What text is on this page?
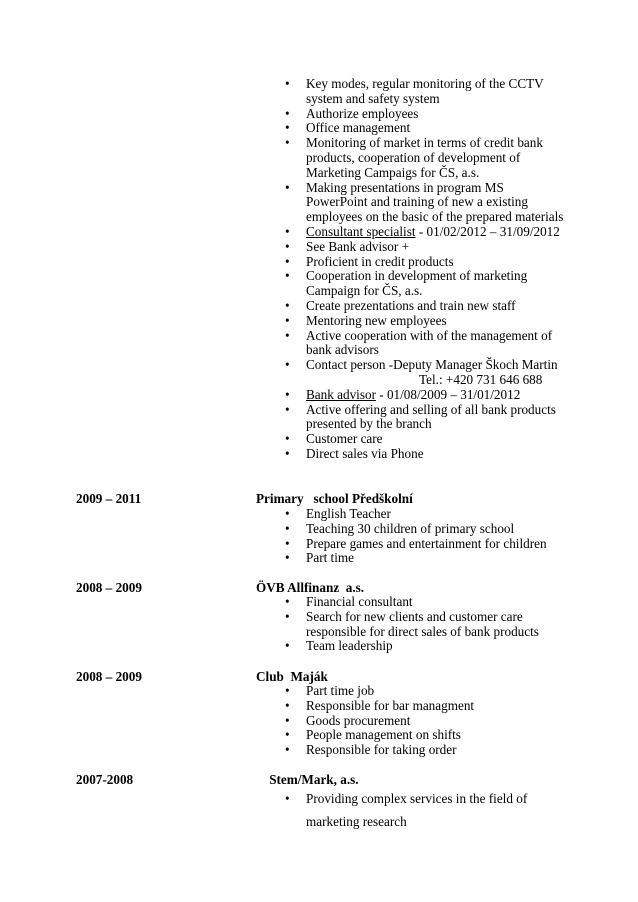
• Key modes, regular monitoring of the CCTV
system and safety system
• Authorize employees
• Office management
• Monitoring of market in terms of credit bank
products, cooperation of development of
Marketing Campaigs for ČS, a.s.
• Making presentations in program MS
PowerPoint and training of new a existing
employees on the basic of the prepared materials
• Consultant specialist - 01/02/2012 – 31/09/2012
• See Bank advisor +
• Proficient in credit products
• Cooperation in development of marketing
Campaign for ČS, a.s.
• Create prezentations and train new staff
• Mentoring new employees
• Active cooperation with of the management of
bank advisors
• Contact person -Deputy Manager Škoch Martin
Tel.: +420 731 646 688
• Bank advisor - 01/08/2009 – 31/01/2012
• Active offering and selling of all bank products
presented by the branch
• Customer care
• Direct sales via Phone
2009 – 2011	Primary   school Předškolní
• English Teacher
• Teaching 30 children of primary school
• Prepare games and entertainment for children
• Part time
2008 – 2009	ÖVB Allfinanz  a.s.
• Financial consultant
• Search for new clients and customer care
responsible for direct sales of bank products
• Team leadership
2008 – 2009	Club  Maják
• Part time job
• Responsible for bar managment
• Goods procurement
• People management on shifts
• Responsible for taking order
2007-2008	Stem/Mark, a.s.
• Providing complex services in the field of
marketing research
